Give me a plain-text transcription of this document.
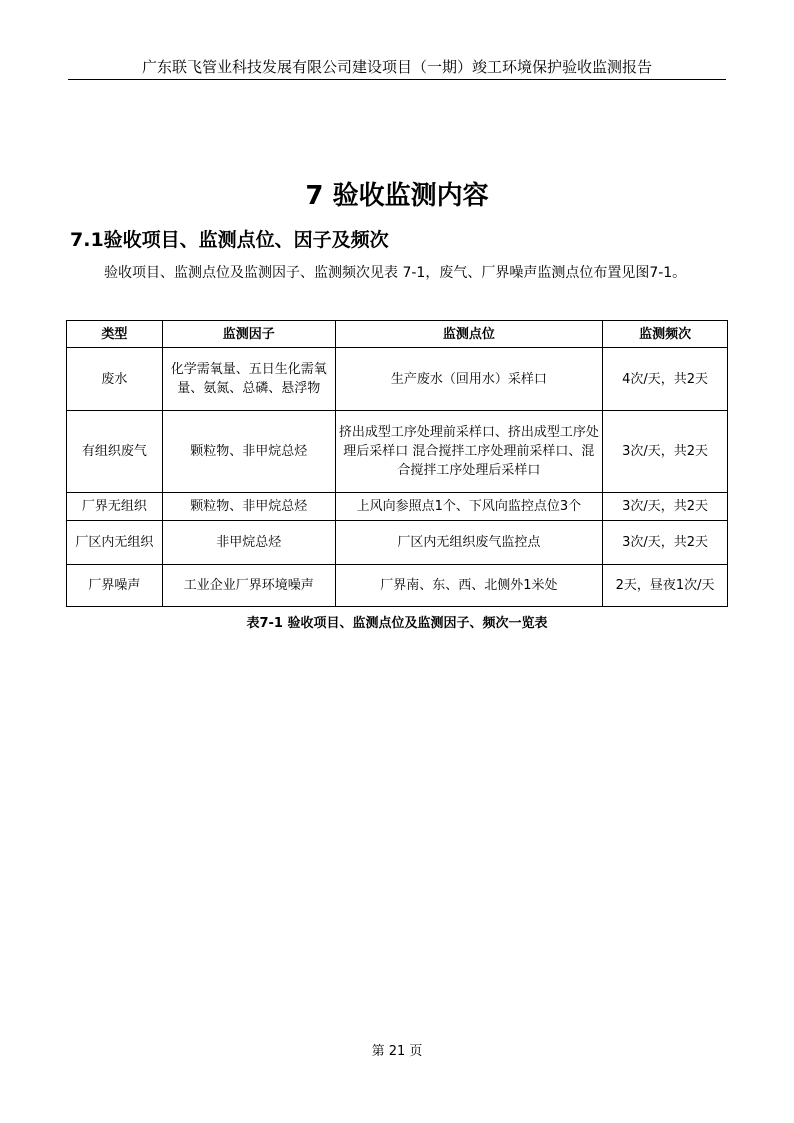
广东联飞管业科技发展有限公司建设项目（一期）竣工环境保护验收监测报告
7 验收监测内容
7.1验收项目、监测点位、因子及频次
验收项目、监测点位及监测因子、监测频次见表 7-1，废气、厂界噪声监测点位布置见图7-1。
类型	监测因子	监测点位	监测频次
废水	化学需氧量、五日生化需氧量、氨氮、总磷、悬浮物	生产废水（回用水）采样口	4次/天，共2天
有组织废气	颗粒物、非甲烷总烃	挤出成型工序处理前采样口、挤出成型工序处理后采样口 混合搅拌工序处理前采样口、混合搅拌工序处理后采样口	3次/天，共2天
厂界无组织	颗粒物、非甲烷总烃	上风向参照点1个、下风向监控点位3个	3次/天，共2天
厂区内无组织	非甲烷总烃	厂区内无组织废气监控点	3次/天，共2天
厂界噪声	工业企业厂界环境噪声	厂界南、东、西、北侧外1米处	2天，昼夜1次/天
表7-1 验收项目、监测点位及监测因子、频次一览表
第 21 页
